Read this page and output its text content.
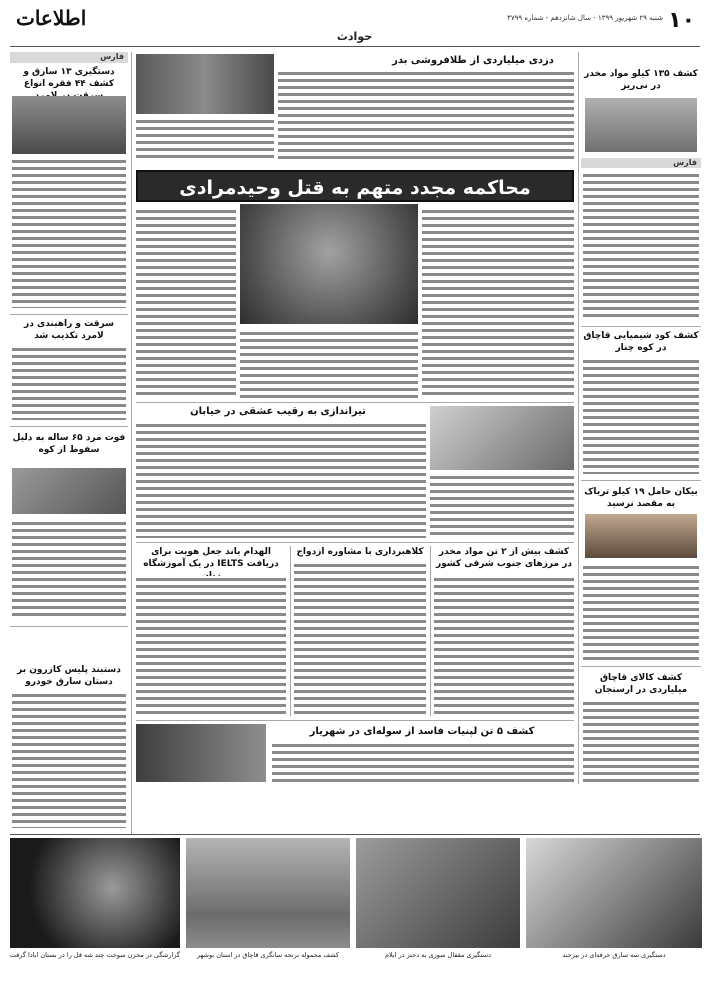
۱۰
شنبه ۲۹ شهریور ۱۳۹۹ - سال شانزدهم - شماره ۴۷۹۹
اطلاعات
حوادث
فارس
دستگیری ۱۳ سارق و کشف ۴۴ فقره انواع
سرقت و راهبندی در لامرد تکذیب شد
فوت مرد ۶۵ ساله به دلیل سقوط از کوه
دستبند پلیس کازرون بر دستان سارق خودرو
کشف ۱۳۵ کیلو مواد مخدر در نی‌ریز
فارس
کشف کود شیمیایی قاچاق در کوه چنار
بیکان حامل ۱۹ کیلو تریاک به مقصد نرسید
کشف کالای قاچاق میلیاردی در ارسنجان
دزدی میلیاردی از طلافروشی بدر
محاکمه مجدد متهم به قتل وحیدمرادی
تیراندازی به رقیب عشقی در خیابان
الهدام باند جعل هویت برای دریافت IELTS در یک آموزشگاه
کلاهبرداری با مشاوره ازدواج	کشف بیش از ۲ تن مواد مخدر در مرزهای جنوب شرقی کشور
کشف ۵ تن لپنیات فاسد از سوله‌ای در شهریار
دستگیری سه سارق حرفه‌ای در بیرجند
دستگیری مقفال سوزی به دختر در ایلام
کشف محموله برنجه سانگری قاچاق در استان بوشهر
گزارشگی در مخزن سوخت چند شه قل را در بستان ابادا گرفت
